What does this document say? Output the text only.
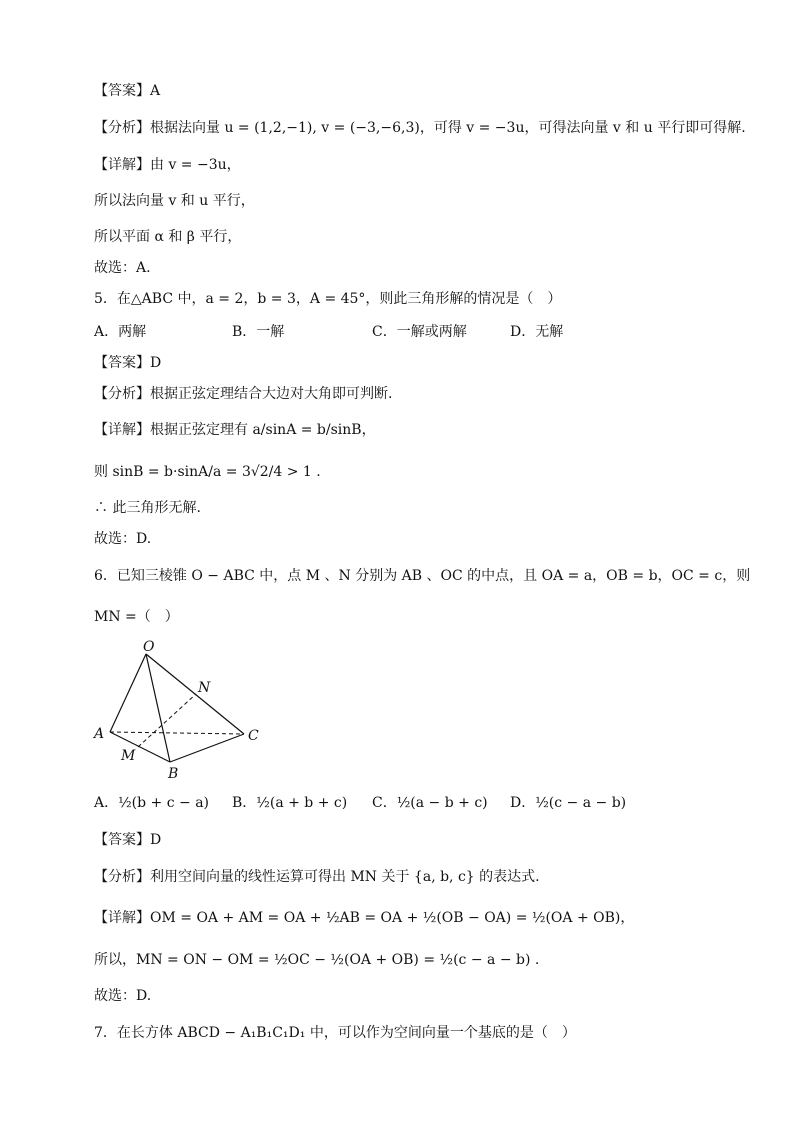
【答案】A
【分析】根据法向量 u = (1,2,−1), v = (−3,−6,3)，可得 v = −3u，可得法向量 v 和 u 平行即可得解.
【详解】由 v = −3u，
所以法向量 v 和 u 平行，
所以平面 α 和 β 平行，
故选：A.
5．在△ABC 中，a = 2，b = 3，A = 45°，则此三角形解的情况是（　）
A．两解	B．一解	C．一解或两解	D．无解
【答案】D
【分析】根据正弦定理结合大边对大角即可判断.
【详解】根据正弦定理有 a/sinA = b/sinB，
则 sinB = b·sinA/a = 3√2/4 > 1 .
∴ 此三角形无解.
故选：D.
6．已知三棱锥 O − ABC 中，点 M 、N 分别为 AB 、OC 的中点，且 OA = a，OB = b，OC = c，则
MN =（　）
O
A
B
C
M
N
A．½(b + c − a) B．½(a + b + c) C．½(a − b + c) D．½(c − a − b)
【答案】D
【分析】利用空间向量的线性运算可得出 MN 关于 {a, b, c} 的表达式.
【详解】OM = OA + AM = OA + ½AB = OA + ½(OB − OA) = ½(OA + OB)，
所以，MN = ON − OM = ½OC − ½(OA + OB) = ½(c − a − b) .
故选：D.
7．在长方体 ABCD − A₁B₁C₁D₁ 中，可以作为空间向量一个基底的是（　）
